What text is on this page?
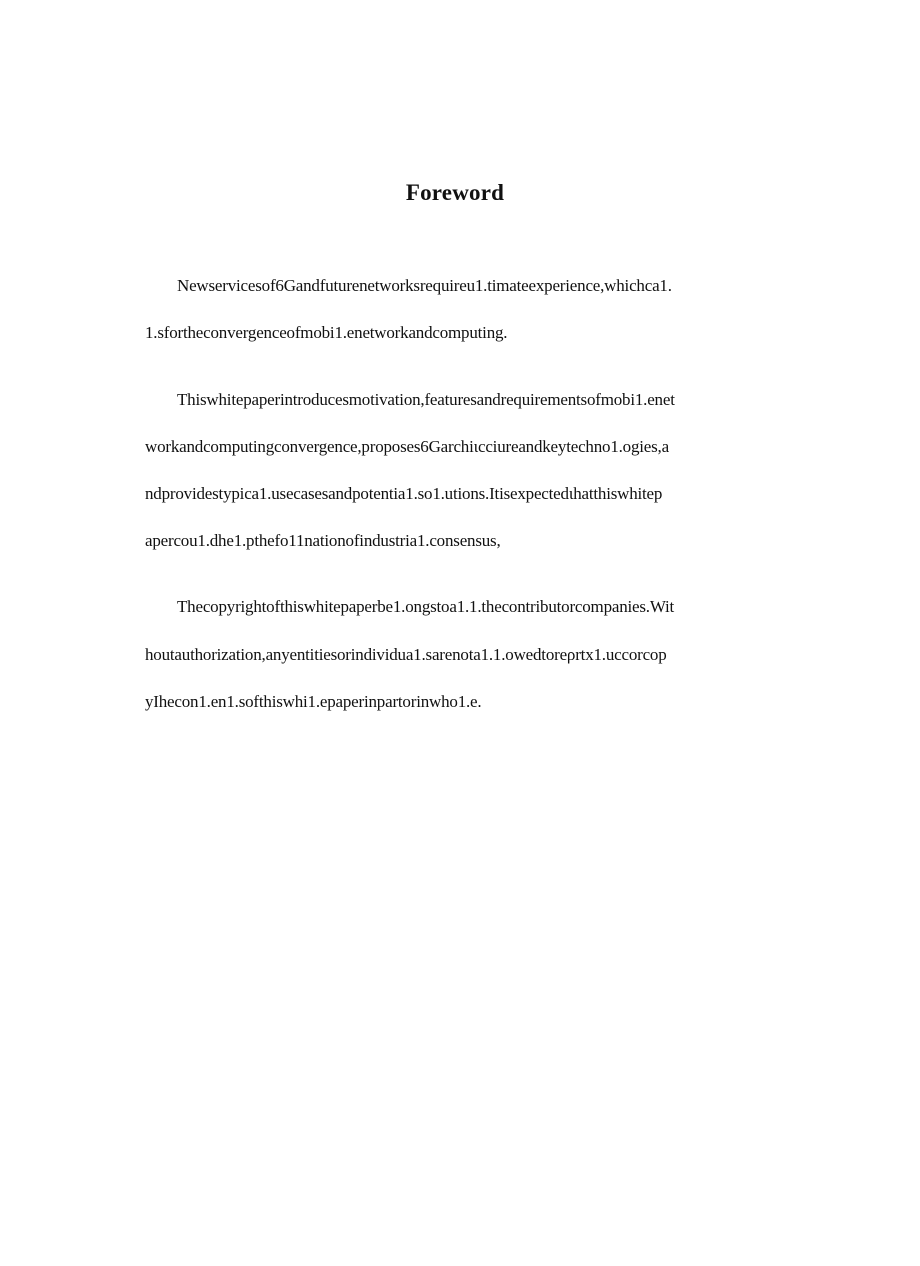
Foreword
Newservicesof6Gandfuturenetworksrequireu1.timateexperience,whichca1.
1.sfortheconvergenceofmobi1.enetworkandcomputing.
Thiswhitepaperintroducesmotivation,featuresandrequirementsofmobi1.enet
workandcomputingconvergence,proposes6Garchiιcciureandkeytechno1.ogies,a
ndprovidestypica1.usecasesandpotentia1.so1.utions.Itisexpectedιhatthiswhitep
apercou1.dhe1.pthefo11nationofindustria1.consensus,
Thecopyrightofthiswhitepaperbe1.ongstoa1.1.thecontributorcompanies.Wit
houtauthorization,anyentitiesorindividua1.sarenota1.1.owedtoreρrtx1.uccorcop
yIhecon1.en1.softhiswhi1.epaperinpartorinwho1.e.
